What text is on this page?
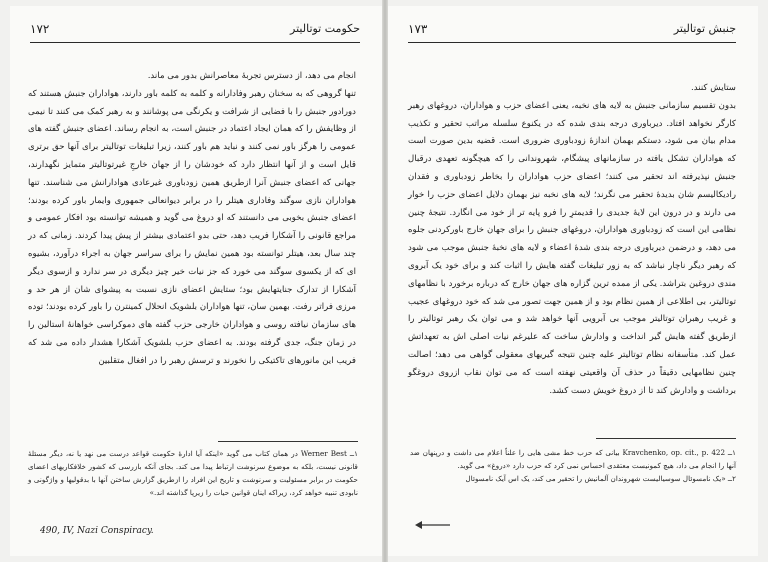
حکومت توتالیتر
۱۷۲

انجام می دهد، از دسترس تجربهٔ معاصرانش بدور می ماند.

تنها گروهی که به سخنان رهبر وفادارانه و کلمه به کلمه باور دارند، هواداران جنبش هستند که دورادور جنبش را با فضایی از شرافت و یکرنگی می پوشانند و به رهبر کمک می کنند تا نیمی از وظایفش را که همان ایجاد اعتماد در جنبش است، به انجام رساند. اعضای جنبش گفته های عمومی را هرگز باور نمی کنند و نباید هم باور کنند، زیرا تبلیغات توتالیتر برای آنها حق برتری قایل است و از آنها انتظار دارد که خودشان را از جهان خارجِ غیرتوتالیتر متمایز نگهدارند، جهانی که اعضای جنبش آنرا ازطریق همین زودباوری غیرعادی هوادارانش می شناسند. تنها هواداران نازی سوگند وفاداری هیتلر را در برابر دیوانعالی جمهوری وایمار باور کرده بودند؛ اعضای جنبش بخوبی می دانستند که او دروغ می گوید و همیشه توانسته بود افکار عمومی و مراجع قانونی را آشکارا فریب دهد، حتی بدو اعتمادی بیشتر از پیش پیدا کردند. زمانی که در چند سال بعد، هیتلر توانسته بود همین نمایش را برای سراسر جهان به اجراء درآورد، بشیوه ای که از یکسوی سوگند می خورد که جز نیات خیر چیز دیگری در سر ندارد و ازسوی دیگر آشکارا از تدارک جنایتهایش بود؛ ستایش اعضای نازی نسبت به پیشوای شان از هر حد و مرزی فراتر رفت. بهمین سان، تنها هواداران بلشویک انحلال کمینترن را باور کرده بودند؛ توده های سازمان نیافته روسی و هواداران خارجی حزب گفته های دموکراسی خواهانهٔ استالین را در زمان جنگ، جدی گرفته بودند. به اعضای حزب بلشویک آشکارا هشدار داده می شد که فریب این مانورهای تاکتیکی را نخورند و ترسش رهبر را در افغال متقلبین

۱ــ Werner Best در همان کتاب می گوید «اینکه آیا ادارهٔ حکومت قواعد درست می نهد یا نه، دیگر مسئلهٔ قانونی نیست، بلکه به موضوع سرنوشت ارتباط پیدا می کند. بجای آنکه بازرسی که کشور خلافکاریهای اعضای حکومت در برابر مسئولیت و سرنوشت و تاریخ این افراد را ازطریق گزارش ساختن آنها با بدقولیها و واژگونی و نابودی تنبیه خواهد کرد، زیراکه اینان قوانین حیات را زیرپا گذاشته اند.»

490, IV, Nazi Conspiracy.
جنبش توتالیتر
۱۷۳

ستایش کنند.

بدون تقسیم سازمانی جنبش به لایه های نخبه، یعنی اعضای حزب و هواداران، دروغهای رهبر کارگر نخواهد افتاد. دیرباوری درجه بندی شده که در یکنوع سلسله مراتب تحقیر و تکذیب مدام بیان می شود، دستکم بهمان اندازهٔ زودباوری ضروری است. قضیه بدین صورت است که هواداران تشکل یافته در سازمانهای پیشگام، شهروندانی را که هیچگونه تعهدی درقبال جنبش نپذیرفته اند تحقیر می کنند؛ اعضای حزب هواداران را بخاطر زودباوری و فقدان رادیکالیسم شان بدیدهٔ تحقیر می نگرند؛ لایه های نخبه نیز بهمان دلایل اعضای حزب را خوار می دارند و در درون این لایهٔ جدیدی را قدیمترِ را فرو پایه تر از خود می انگارد. نتیجهٔ چنین نظامی این است که زودباوری هواداران، دروغهای جنبش را برای جهان خارج باورکردنی جلوه می دهد، و درضمن دیرباوری درجه بندی شدهٔ اعضاء و لایه های نخبهٔ جنبش موجب می شود که رهبر دیگر ناچار نباشد که به زور تبلیغات گفته هایش را اثبات کند و برای خود یک آبروی مندی دروغین بتراشد. یکی از ممده ترین گزاره های جهان خارج که درباره برخورد با نظامهای توتالیتر، بی اطلاعی از همین نظام بود و از همین جهت تصور می شد که خود دروغهای عجیب و غریب رهبران توتالیتر موجب بی آبرویی آنها خواهد شد و می توان یک رهبر توتالیتر را ازطریق گفته هایش گیر انداخت و وادارش ساخت که علیرغم نیات اصلی اش به تعهداتش عمل کند. متأسفانه نظام توتالیتر علیه چنین نتیجه گیریهای معقولی گواهی می دهد؛ اصالت چنین نظامهایی دقیقاً در حذف آن واقعیتی نهفته است که می توان نقاب ازروی دروغگو برداشت و وادارش کند تا از دروغ خویش دست کشد.

۱ــ Kravchenko, op. cit., p. 422 بیانی که حزب خط مشی هایی را علناً اعلام می داشت و درپنهان ضد آنها را انجام می داد، هیچ کمونیست معتقدی احساس نمی کرد که حزب دارد «دروغ» می گوید.

۲ــ «یک نامسوئال سوسیالیست شهروندان آلمانیش را تحقیر می کند، یک اس آیک نامسوئال
